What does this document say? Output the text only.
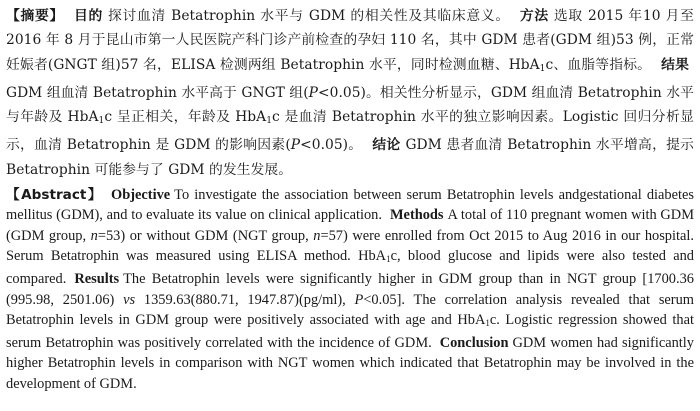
【摘要】 目的 探讨血清 Betatrophin 水平与 GDM 的相关性及其临床意义。 方法 选取 2015 年10 月至 2016 年 8 月于昆山市第一人民医院产科门诊产前检查的孕妇 110 名，其中 GDM 患者(GDM 组)53 例，正常妊娠者(GNGT 组)57 名，ELISA 检测两组 Betatrophin 水平，同时检测血糖、HbA$_1$c、血脂等指标。 结果GDM 组血清 Betatrophin 水平高于 GNGT 组(P<0.05)。相关性分析显示，GDM 组血清 Betatrophin 水平与年龄及 HbA$_1$c 呈正相关，年龄及 HbA$_1$c 是血清 Betatrophin 水平的独立影响因素。Logistic 回归分析显示，血清 Betatrophin 是 GDM 的影响因素(P<0.05)。 结论 GDM 患者血清 Betatrophin 水平增高，提示 Betatrophin 可能参与了 GDM 的发生发展。

【Abstract】 Objective To investigate the association between serum Betatrophin levels andgestational diabetes mellitus (GDM), and to evaluate its value on clinical application. Methods A total of 110 pregnant women with GDM (GDM group, n=53) or without GDM (NGT group, n=57) were enrolled from Oct 2015 to Aug 2016 in our hospital. Serum Betatrophin was measured using ELISA method. HbA$_1$c, blood glucose and lipids were also tested and compared. Results The Betatrophin levels were significantly higher in GDM group than in NGT group [1700.36 (995.98, 2501.06) vs 1359.63(880.71, 1947.87)(pg/ml), P<0.05]. The correlation analysis revealed that serum Betatrophin levels in GDM group were positively associated with age and HbA$_1$c. Logistic regression showed that serum Betatrophin was positively correlated with the incidence of GDM. Conclusion GDM women had significantly higher Betatrophin levels in comparison with NGT women which indicated that Betatrophin may be involved in the development of GDM.
